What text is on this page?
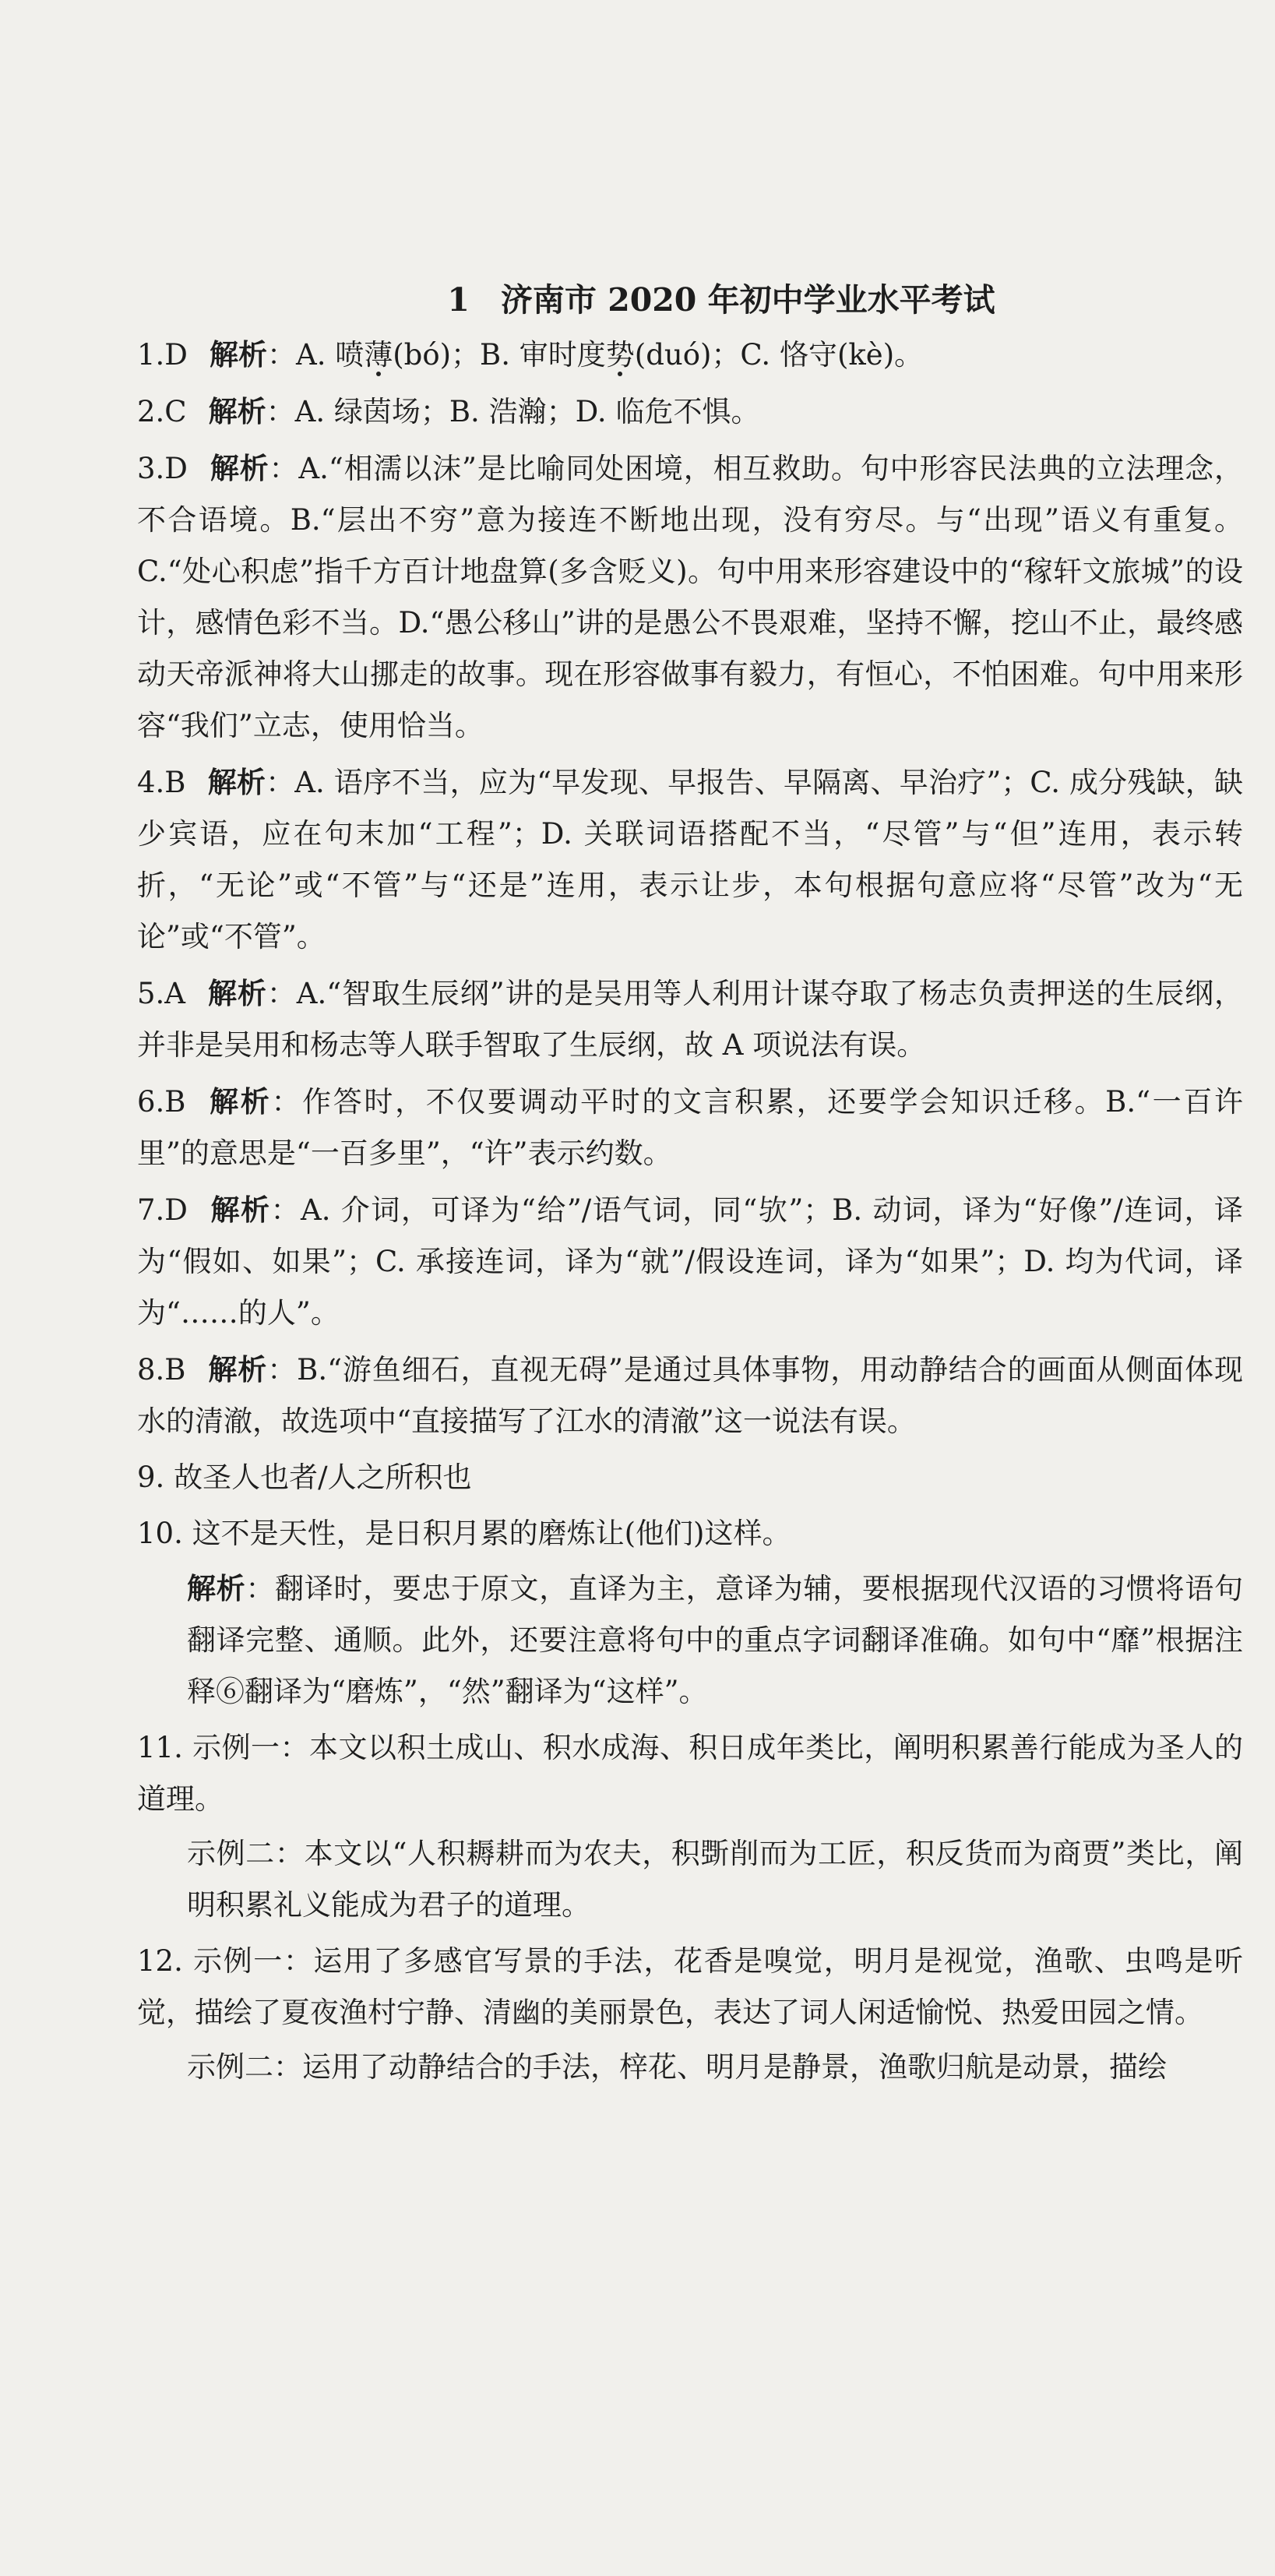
1 济南市 2020 年初中学业水平考试

1.D 解析：A. 喷薄(bó)；B. 审时度势(duó)；C. 恪守(kè)。

2.C 解析：A. 绿茵场；B. 浩瀚；D. 临危不惧。

3.D 解析：A.“相濡以沫”是比喻同处困境，相互救助。句中形容民法典的立法理念，不合语境。B.“层出不穷”意为接连不断地出现，没有穷尽。与“出现”语义有重复。C.“处心积虑”指千方百计地盘算(多含贬义)。句中用来形容建设中的“稼轩文旅城”的设计，感情色彩不当。D.“愚公移山”讲的是愚公不畏艰难，坚持不懈，挖山不止，最终感动天帝派神将大山挪走的故事。现在形容做事有毅力，有恒心，不怕困难。句中用来形容“我们”立志，使用恰当。

4.B 解析：A. 语序不当，应为“早发现、早报告、早隔离、早治疗”；C. 成分残缺，缺少宾语，应在句末加“工程”；D. 关联词语搭配不当，“尽管”与“但”连用，表示转折，“无论”或“不管”与“还是”连用，表示让步，本句根据句意应将“尽管”改为“无论”或“不管”。

5.A 解析：A.“智取生辰纲”讲的是吴用等人利用计谋夺取了杨志负责押送的生辰纲，并非是吴用和杨志等人联手智取了生辰纲，故 A 项说法有误。

6.B 解析：作答时，不仅要调动平时的文言积累，还要学会知识迁移。B.“一百许里”的意思是“一百多里”，“许”表示约数。

7.D 解析：A. 介词，可译为“给”/语气词，同“欤”；B. 动词，译为“好像”/连词，译为“假如、如果”；C. 承接连词，译为“就”/假设连词，译为“如果”；D. 均为代词，译为“……的人”。

8.B 解析：B.“游鱼细石，直视无碍”是通过具体事物，用动静结合的画面从侧面体现水的清澈，故选项中“直接描写了江水的清澈”这一说法有误。

9. 故圣人也者/人之所积也

10. 这不是天性，是日积月累的磨炼让(他们)这样。

解析：翻译时，要忠于原文，直译为主，意译为辅，要根据现代汉语的习惯将语句翻译完整、通顺。此外，还要注意将句中的重点字词翻译准确。如句中“靡”根据注释⑥翻译为“磨炼”，“然”翻译为“这样”。

11. 示例一：本文以积土成山、积水成海、积日成年类比，阐明积累善行能成为圣人的道理。

示例二：本文以“人积耨耕而为农夫，积斲削而为工匠，积反货而为商贾”类比，阐明积累礼义能成为君子的道理。

12. 示例一：运用了多感官写景的手法，花香是嗅觉，明月是视觉，渔歌、虫鸣是听觉，描绘了夏夜渔村宁静、清幽的美丽景色，表达了词人闲适愉悦、热爱田园之情。

示例二：运用了动静结合的手法，梓花、明月是静景，渔歌归航是动景，描绘
